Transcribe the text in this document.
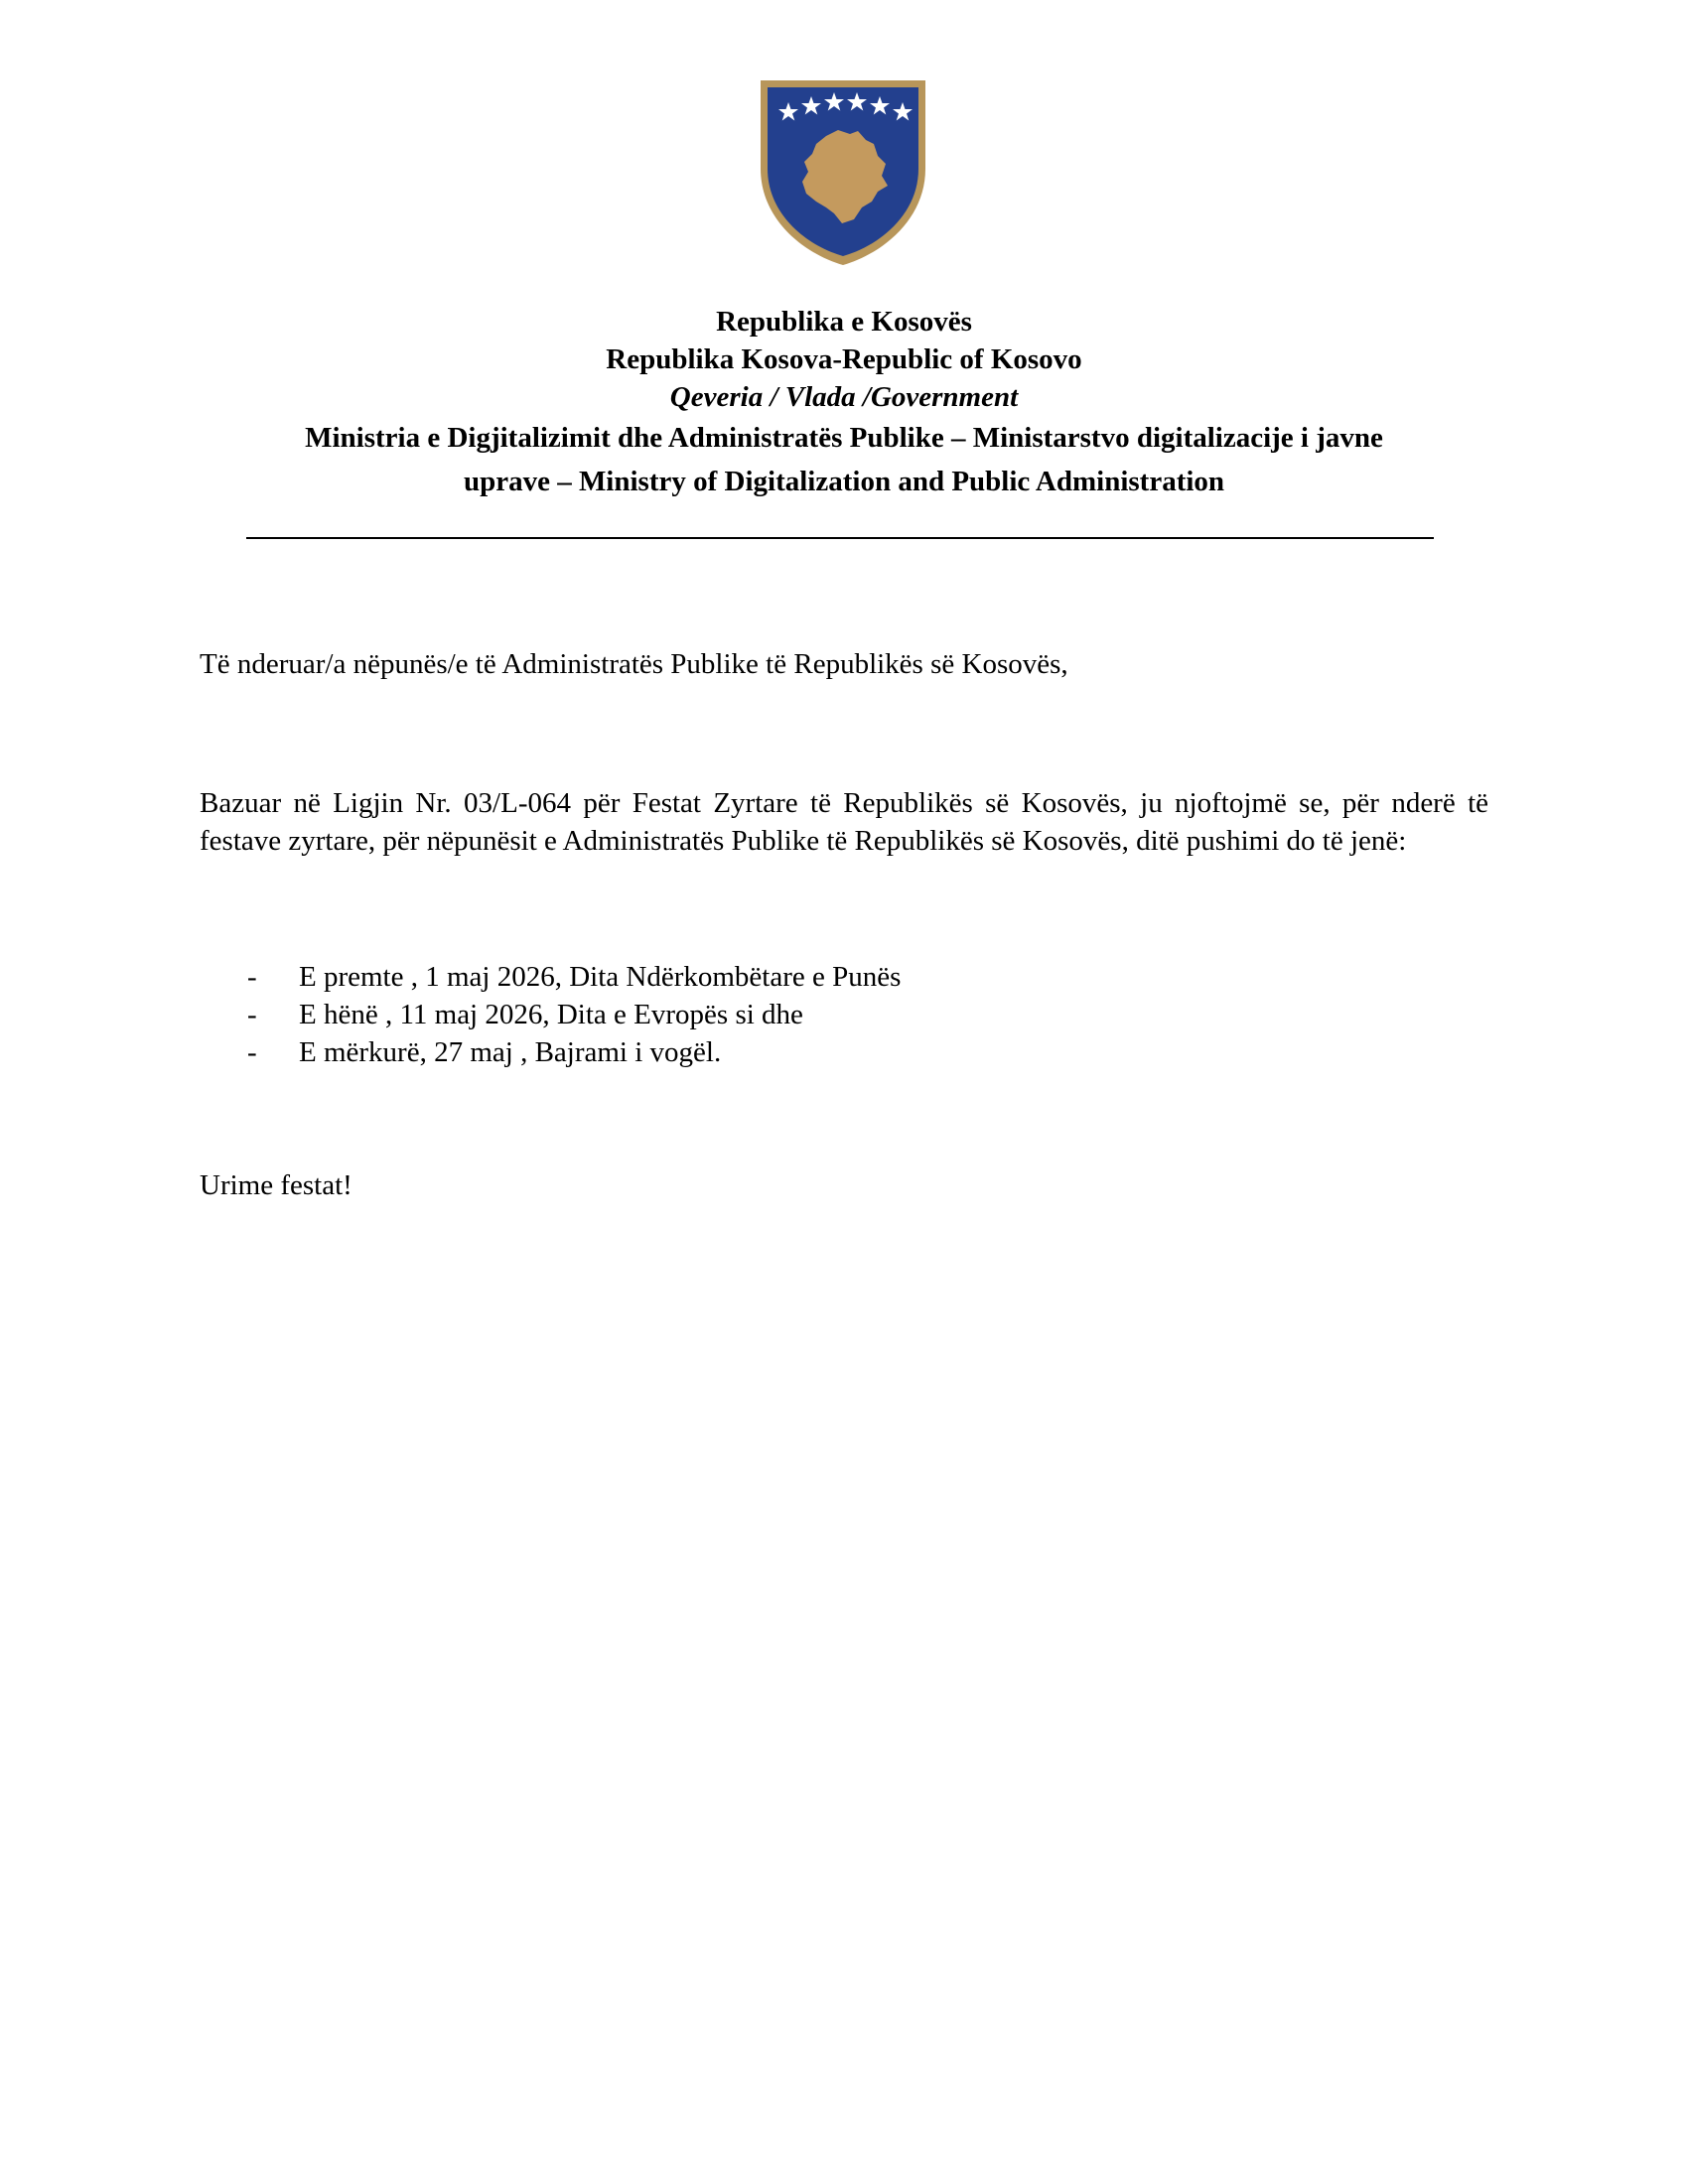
Republika e Kosovës
Republika Kosova-Republic of Kosovo
Qeveria / Vlada /Government
Ministria e Digjitalizimit dhe Administratës Publike – Ministarstvo digitalizacije i javne
uprave – Ministry of Digitalization and Public Administration
Të nderuar/a nëpunës/e të Administratës Publike të Republikës së Kosovës,
Bazuar në Ligjin Nr. 03/L-064 për Festat Zyrtare të Republikës së Kosovës, ju njoftojmë se, për nderë të festave zyrtare, për nëpunësit e Administratës Publike të Republikës së Kosovës, ditë pushimi do të jenë:
- E premte , 1 maj 2026, Dita Ndërkombëtare e Punës
- E hënë , 11 maj 2026, Dita e Evropës si dhe
- E mërkurë, 27 maj , Bajrami i vogël.
Urime festat!
